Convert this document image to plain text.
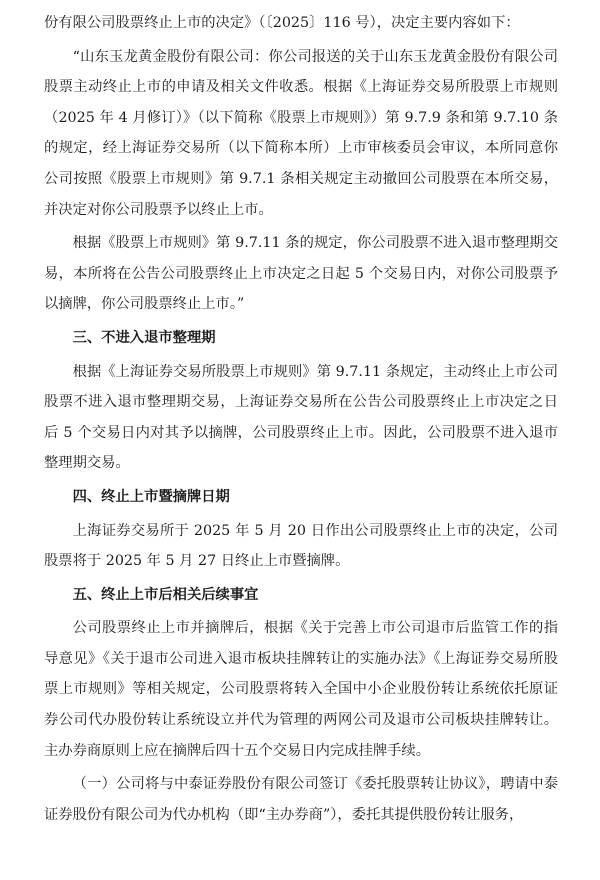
份有限公司股票终止上市的决定》（〔2025〕116 号），决定主要内容如下：

“山东玉龙黄金股份有限公司：你公司报送的关于山东玉龙黄金股份有限公司股票主动终止上市的申请及相关文件收悉。根据《上海证券交易所股票上市规则（2025 年 4 月修订）》（以下简称《股票上市规则》）第 9.7.9 条和第 9.7.10 条的规定，经上海证券交易所（以下简称本所）上市审核委员会审议，本所同意你公司按照《股票上市规则》第 9.7.1 条相关规定主动撤回公司股票在本所交易，并决定对你公司股票予以终止上市。

根据《股票上市规则》第 9.7.11 条的规定，你公司股票不进入退市整理期交易，本所将在公告公司股票终止上市决定之日起 5 个交易日内，对你公司股票予以摘牌，你公司股票终止上市。”

三、不进入退市整理期

根据《上海证券交易所股票上市规则》第 9.7.11 条规定，主动终止上市公司股票不进入退市整理期交易，上海证券交易所在公告公司股票终止上市决定之日后 5 个交易日内对其予以摘牌，公司股票终止上市。因此，公司股票不进入退市整理期交易。

四、终止上市暨摘牌日期

上海证券交易所于 2025 年 5 月 20 日作出公司股票终止上市的决定，公司股票将于 2025 年 5 月 27 日终止上市暨摘牌。

五、终止上市后相关后续事宜

公司股票终止上市并摘牌后，根据《关于完善上市公司退市后监管工作的指导意见》《关于退市公司进入退市板块挂牌转让的实施办法》《上海证券交易所股票上市规则》等相关规定，公司股票将转入全国中小企业股份转让系统依托原证券公司代办股份转让系统设立并代为管理的两网公司及退市公司板块挂牌转让。主办券商原则上应在摘牌后四十五个交易日内完成挂牌手续。

（一）公司将与中泰证券股份有限公司签订《委托股票转让协议》，聘请中泰证券股份有限公司为代办机构（即“主办券商”），委托其提供股份转让服务，
